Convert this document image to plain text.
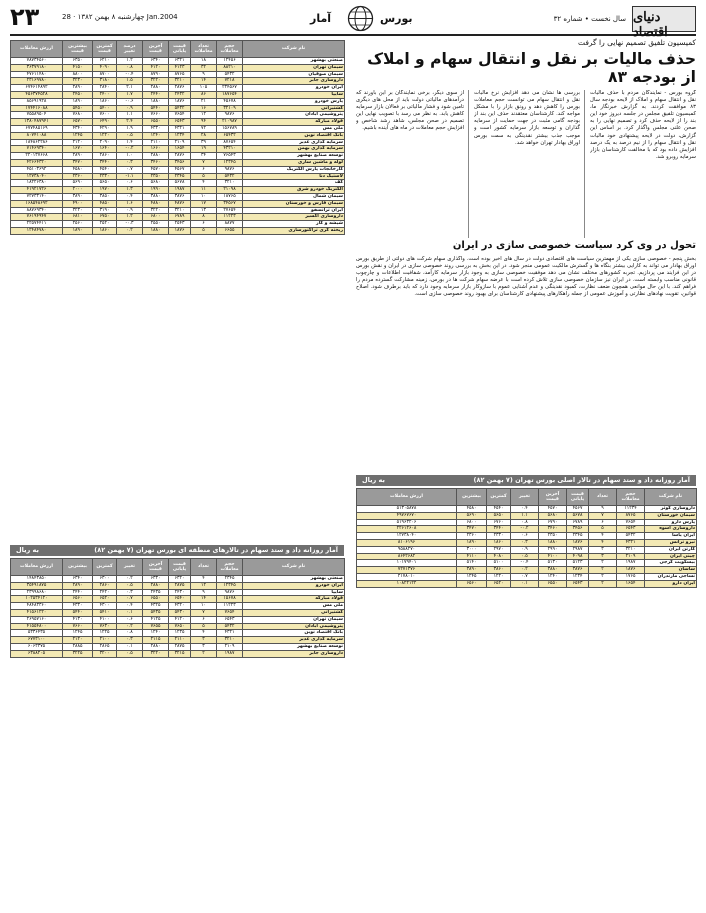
۲۳	چهارشنبه ۸ بهمن ۱۳۸۲ · 28 Jan.2004	آمار	بورس	سال نخست • شماره ۳۲ دنیای اقتصاد
ارزش معاملات	بیشترین قیمت	کمترین قیمت	درصد تغییر	آخرین قیمت	قیمت پایانی	تعداد معاملات	حجم معاملات	نام شرکت
۷۸۷۳۴۵۶۰	۶۳۵۰	۶۲۱۰	۱.۲	۶۳۴۰	۶۳۲۱	۱۸	۱۲۴۵۶	صنعتی بهشهر
۳۶۳۷۹۱۸۰	۴۱۵۰	۴۰۹۰	۰.۸	۴۱۲۰	۴۱۲۳	۳۲	۸۸۲۱۰	سیمان تهران
۴۷۶۱۱۴۸۰	۸۸۰۰	۸۷۰۰	-۰.۴	۸۷۹۰	۸۷۶۵	۹	۵۴۳۲	سیمان صوفیان
۲۳۱۶۹۷۸۰	۳۲۳۰	۳۱۸۰	۱.۵	۳۲۲۰	۳۲۱۰	۱۴	۷۲۱۸	داروسازی جابر
۶۷۴۶۱۴۸۹۲	۲۸۹۰	۲۸۴۰	۲.۱	۲۸۸۰	۲۸۷۶	۱۰۵	۲۳۴۵۶۷	ایران خودرو
۴۵۶۳۷۴۵۲۸	۲۴۵۰	۲۴۰۰	۱.۷	۲۴۴۰	۲۴۳۲	۸۶	۱۸۷۶۵۴	سایپا
۸۵۶۹۱۹۲۸	۱۸۹۰	۱۸۶۰	-۰.۶	۱۸۸۰	۱۸۷۶	۲۱	۴۵۶۷۸	پارس خودرو
۱۷۴۴۱۶۰۸۸	۵۴۵۰	۵۴۰۰	۰.۹	۵۴۴۰	۵۴۳۲	۱۶	۳۲۱۰۹	کشتیرانی
۷۵۵۸۹۵۰۴	۷۶۸۰	۷۶۰۰	۱.۱	۷۶۶۰	۷۶۵۴	۱۲	۹۸۷۶	پتروشیمی آبادان
۱۳۸۰۴۸۷۹۴۱	۶۵۷۰	۶۴۹۰	۲.۴	۶۵۵۰	۶۵۴۳	۹۴	۲۱۰۹۸۷	فولاد مبارکه
۶۷۷۴۸۵۱۶۹	۴۳۴۰	۴۲۹۰	۱.۹	۴۳۳۰	۴۳۲۱	۷۲	۱۵۶۷۸۹	ملی مس
۸۰۷۴۱۰۸۸	۱۲۴۵	۱۲۲۰	۰.۵	۱۲۴۰	۱۲۳۴	۲۸	۶۵۴۳۲	بانک اقتصاد نوین
۱۸۴۸۶۲۲۸۶	۲۱۲۰	۲۰۹۰	۱.۴	۲۱۱۰	۲۱۰۹	۳۹	۸۷۶۵۴	سرمایه گذاری غدیر
۷۱۴۶۹۳۴۰	۱۶۷۰	۱۶۴۰	-۰.۲	۱۶۶۰	۱۶۵۴	۱۹	۴۳۲۱۰	سرمایه گذاری بهمن
۲۲۰۱۳۷۶۶۸	۲۸۹۰	۲۸۶۰	۱.۰	۲۸۸۰	۲۸۷۶	۳۴	۷۶۵۴۳	توسعه صنایع بهشهر
۴۲۶۶۴۳۲۰	۳۴۷۰	۳۴۴۰	۰.۳	۳۴۶۰	۳۴۵۶	۷	۱۲۳۴۵	لوله و ماشین سازی
۴۵۱۰۳۶۹۲	۴۵۸۰	۴۵۴۰	۰.۷	۴۵۷۰	۴۵۶۷	۶	۹۸۷۶	کارخانجات پارس الکتریک
۱۲۷۳۸۰۴۰	۲۳۶۰	۲۳۳۰	-۱.۱	۲۳۵۰	۲۳۴۵	۵	۵۴۳۲	لاستیک دنا
۱۸۲۲۶۳۸۰	۵۶۹۰	۵۶۵۰	۰.۶	۵۶۸۰	۵۶۷۸	۴	۳۲۱۰	کف
۴۱۹۲۱۷۲۶	۲۰۰۰	۱۹۷۰	۱.۳	۱۹۹۰	۱۹۸۷	۱۱	۲۱۰۹۸	الکتریک خودرو شرق
۷۲۷۳۳۱۴۰	۳۸۹۰	۳۸۵۰	۰.۴	۳۸۸۰	۳۸۷۶	۱۰	۱۸۷۶۵	سیمان شمال
۱۶۸۵۴۸۶۹۲	۴۹۰۰	۴۸۵۰	۱.۶	۴۸۸۰	۴۸۷۶	۱۷	۳۴۵۶۷	سیمان فارس و خوزستان
۸۸۷۶۹۳۴۰	۳۲۳۰	۳۱۹۰	۰.۹	۳۲۲۰	۳۲۱۰	۱۳	۲۷۶۵۴	ایران ترانسفو
۷۶۱۹۴۹۴۷	۶۸۱۰	۶۷۵۰	۱.۲	۶۸۰۰	۶۷۸۹	۸	۱۱۲۲۳	داروسازی اکسیر
۲۲۵۷۴۴۱۱	۲۵۶۰	۲۵۲۰	-۰.۳	۲۵۵۰	۲۵۴۳	۶	۸۸۷۷	شیشه و گاز
۱۲۴۸۴۷۸۰	۱۸۹۰	۱۸۶۰	۰.۲	۱۸۸۰	۱۸۷۶	۵	۶۶۵۵	ریخته گری تراکتورسازی
آمار روزانه داد و ستد سهام در تالارهای منطقه ای بورس تهران (۷ بهمن ۸۲)
به ریال
ارزش معاملات	بیشترین	کمترین	تغییر	آخرین قیمت	قیمت پایانی	تعداد	حجم معاملات	نام شرکت
۱۴۸۴۳۸۵۰	۶۳۴۰	۶۳۰۰	۰.۲	۶۳۳۰	۶۳۲۰	۴	۲۳۴۵	صنعتی بهشهر
۳۵۴۹۱۸۷۵	۲۸۹۰	۲۸۶۰	۰.۵	۲۸۸۰	۲۸۷۵	۱۲	۱۲۳۴۵	ایران خودرو
۲۳۹۹۸۶۸۰	۲۴۴۰	۲۴۲۰	۰.۳	۲۴۳۵	۲۴۳۰	۹	۹۸۷۶	سایپا
۱۰۲۵۳۴۱۲۰	۶۵۶۰	۶۵۲۰	۰.۷	۶۵۵۰	۶۵۴۰	۱۴	۱۵۶۷۸	فولاد مبارکه
۴۸۴۸۳۳۶۰	۴۳۳۰	۴۳۰۰	۰.۴	۴۳۲۵	۴۳۲۰	۱۰	۱۱۲۲۳	ملی مس
۴۱۵۶۱۲۲۰	۵۴۴۰	۵۴۱۰	۰.۱	۵۴۳۵	۵۴۳۰	۷	۷۶۵۴	کشتیرانی
۲۶۹۵۷۱۶۰	۴۱۳۰	۴۱۰۰	۰.۶	۴۱۲۵	۴۱۲۰	۶	۶۵۴۳	سیمان تهران
۴۱۵۵۴۸۰۰	۷۶۶۰	۷۶۳۰	۰.۲	۷۶۵۵	۷۶۵۰	۵	۵۴۳۲	پتروشیمی آبادان
۵۳۳۶۴۳۵	۱۲۴۵	۱۲۲۵	۰.۸	۱۲۴۰	۱۲۳۵	۴	۴۳۲۱	بانک اقتصاد نوین
۶۷۷۳۱۰۰	۲۱۲۰	۲۱۰۰	۰.۳	۲۱۱۵	۲۱۱۰	۳	۳۲۱۰	سرمایه گذاری غدیر
۶۰۶۳۳۷۵	۲۸۸۵	۲۸۶۵	۰.۱	۲۸۸۰	۲۸۷۵	۳	۲۱۰۹	توسعه صنایع بهشهر
۶۳۸۸۲۰۵	۳۲۲۵	۳۲۰۰	۰.۵	۳۲۲۰	۳۲۱۵	۲	۱۹۸۷	داروسازی جابر
کمیسیون تلفیق تصمیم نهایی را گرفت
حذف مالیات بر نقل و انتقال سهام و املاک از بودجه ۸۳
گروه بورس - نمایندگان مردم با حذف مالیات نقل و انتقال سهام و املاک از لایحه بودجه سال ۸۳ موافقت کردند. به گزارش خبرنگار ما، کمیسیون تلفیق مجلس در جلسه دیروز خود این بند را از لایحه حذف کرد و تصمیم نهایی را به صحن علنی مجلس واگذار کرد. بر اساس این گزارش، دولت در لایحه پیشنهادی خود مالیات نقل و انتقال سهام را از نیم درصد به یک درصد افزایش داده بود که با مخالفت کارشناسان بازار سرمایه روبرو شد.
بررسی ها نشان می دهد افزایش نرخ مالیات نقل و انتقال سهام می توانست حجم معاملات بورس را کاهش دهد و رونق بازار را با مشکل مواجه کند. کارشناسان معتقدند حذف این بند از بودجه گامی مثبت در جهت حمایت از سرمایه گذاران و توسعه بازار سرمایه کشور است و موجب جذب بیشتر نقدینگی به سمت بورس اوراق بهادار تهران خواهد شد.
از سوی دیگر، برخی نمایندگان بر این باورند که درآمدهای مالیاتی دولت باید از محل های دیگری تامین شود و فشار مالیاتی بر فعالان بازار سرمایه کاهش یابد. به نظر می رسد با تصویب نهایی این تصمیم در صحن مجلس، شاهد رشد شاخص و افزایش حجم معاملات در ماه های آینده باشیم.
تحول در وی کرد سیاست خصوصی سازی در ایران
بخش پنجم - خصوصی سازی یکی از مهمترین سیاست های اقتصادی دولت در سال های اخیر بوده است. واگذاری سهام شرکت های دولتی از طریق بورس اوراق بهادار می تواند به کارایی بیشتر بنگاه ها و گسترش مالکیت عمومی منجر شود. در این بخش به بررسی روند خصوصی سازی در ایران و نقش بورس در این فرایند می پردازیم. تجربه کشورهای مختلف نشان می دهد موفقیت خصوصی سازی به وجود بازار سرمایه کارآمد، شفافیت اطلاعات و چارچوب قانونی مناسب وابسته است. در ایران نیز سازمان خصوصی سازی تلاش کرده است با عرضه سهام شرکت ها در بورس، زمینه مشارکت گسترده مردم را فراهم کند. با این حال موانعی همچون ضعف نظارت، کمبود نقدینگی و عدم آشنایی عموم با سازوکار بازار سرمایه وجود دارد که باید برطرف شود. اصلاح قوانین، تقویت نهادهای نظارتی و آموزش عمومی از جمله راهکارهای پیشنهادی کارشناسان برای بهبود روند خصوصی سازی است.
آمار روزانه داد و ستد سهام در تالار اصلی بورس تهران (۷ بهمن ۸۲)
به ریال
ارزش معاملات	بیشترین	کمترین	تغییر	آخرین قیمت	قیمت پایانی	تعداد	حجم معاملات	نام شرکت
۵۱۳۰۵۸۷۸	۴۵۸۰	۴۵۴۰	۰.۴	۴۵۷۰	۴۵۶۷	۹	۱۱۲۳۴	داروسازی کوثر
۴۹۷۶۷۶۷۰	۵۶۹۰	۵۶۵۰	۱.۱	۵۶۸۰	۵۶۷۸	۷	۸۷۶۵	سیمان خوزستان
۵۱۹۶۳۲۰۶	۶۸۰۰	۶۷۶۰	۰.۸	۶۷۹۰	۶۷۸۹	۶	۷۶۵۴	پارس دارو
۲۲۶۱۲۶۰۸	۳۴۷۰	۳۴۴۰	-۰.۲	۳۴۶۰	۳۴۵۶	۵	۶۵۴۳	داروسازی اسوه
۱۲۷۳۸۰۴۰	۲۳۶۰	۲۳۳۰	۰.۶	۲۳۵۰	۲۳۴۵	۴	۵۴۳۲	ایران یاسا
۸۱۰۶۱۹۶	۱۸۹۰	۱۸۶۰	۰.۳	۱۸۸۰	۱۸۷۶	۴	۴۳۲۱	نیرو ترانس
۹۵۸۸۲۷۰	۳۰۰۰	۲۹۷۰	۰.۹	۲۹۹۰	۲۹۸۷	۳	۳۲۱۰	کارتن ایران
۸۶۴۲۶۸۲	۴۱۱۰	۴۰۸۰	۰.۵	۴۱۰۰	۴۰۹۸	۳	۲۱۰۹	چینی ایران
۱۰۱۷۹۴۰۱	۵۱۴۰	۵۱۰۰	-۰.۴	۵۱۳۰	۵۱۲۳	۲	۱۹۸۷	بیسکویت گرجی
۷۲۷۱۳۷۶	۳۸۹۰	۳۸۶۰	۰.۲	۳۸۸۰	۳۸۷۶	۲	۱۸۷۶	ساسان
۲۱۷۸۰۱۰	۱۲۴۵	۱۲۲۰	۰.۷	۱۲۴۰	۱۲۳۴	۲	۱۷۶۵	نساجی مازندران
۱۰۸۲۲۱۲۲	۶۵۶۰	۶۵۲۰	۰.۱	۶۵۵۰	۶۵۴۳	۲	۱۶۵۴	ایران دارو
